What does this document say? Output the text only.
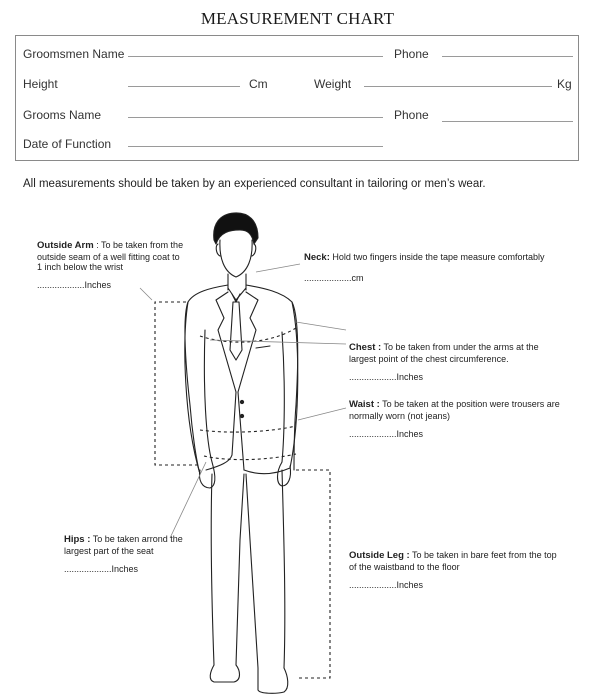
MEASUREMENT CHART
Groomsmen Name	Phone
Height	Cm	Weight	Kg
Grooms Name	Phone
Date of Function
All measurements should be taken by an experienced consultant in tailoring or men’s wear.
Outside Arm : To be taken from the outside seam of a well fitting coat to 1 inch below the wrist
...................Inches
Neck: Hold two fingers inside the tape measure comfortably
...................cm
Chest : To be taken from under the arms at the largest point of the chest circumference.
...................Inches
Waist : To be taken at the position were trousers are normally worn (not jeans)
...................Inches
Hips : To be taken arrond the largest part of the seat
...................Inches
Outside Leg : To be taken in bare feet from the top of the waistband to the floor
...................Inches
